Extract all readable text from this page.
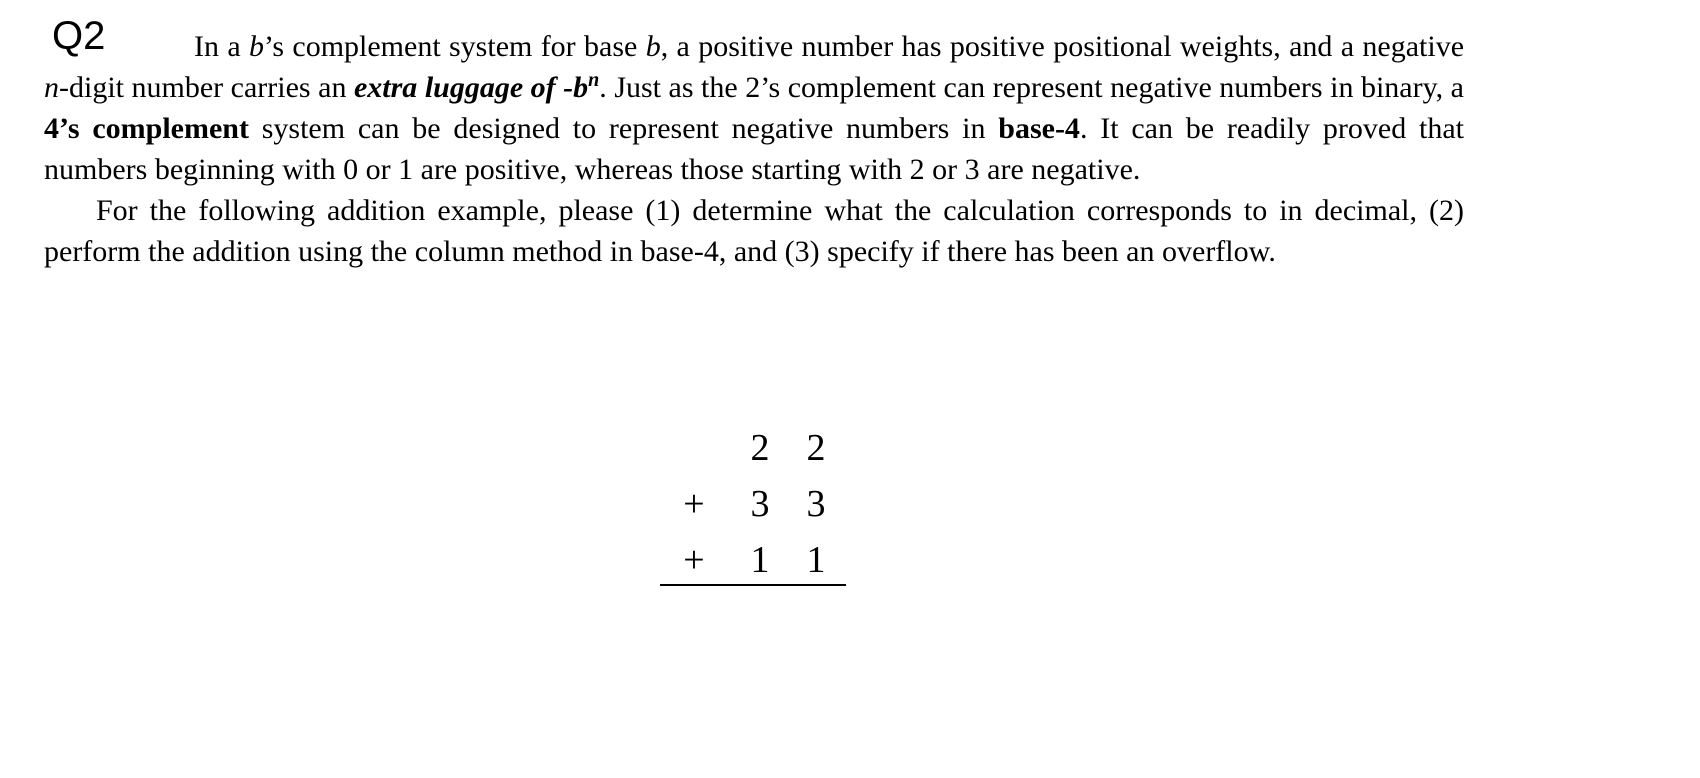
Q2	In a b’s complement system for base b, a positive number has positive positional weights, and a negative n-digit number carries an extra luggage of $-b^n$. Just as the 2’s complement can represent negative numbers in binary, a 4’s complement system can be designed to represent negative numbers in base-4. It can be readily proved that numbers beginning with 0 or 1 are positive, whereas those starting with 2 or 3 are negative.

For the following addition example, please (1) determine what the calculation corresponds to in decimal, (2) perform the addition using the column method in base-4, and (3) specify if there has been an overflow.

2 2
+ 3 3
+ 1 1
